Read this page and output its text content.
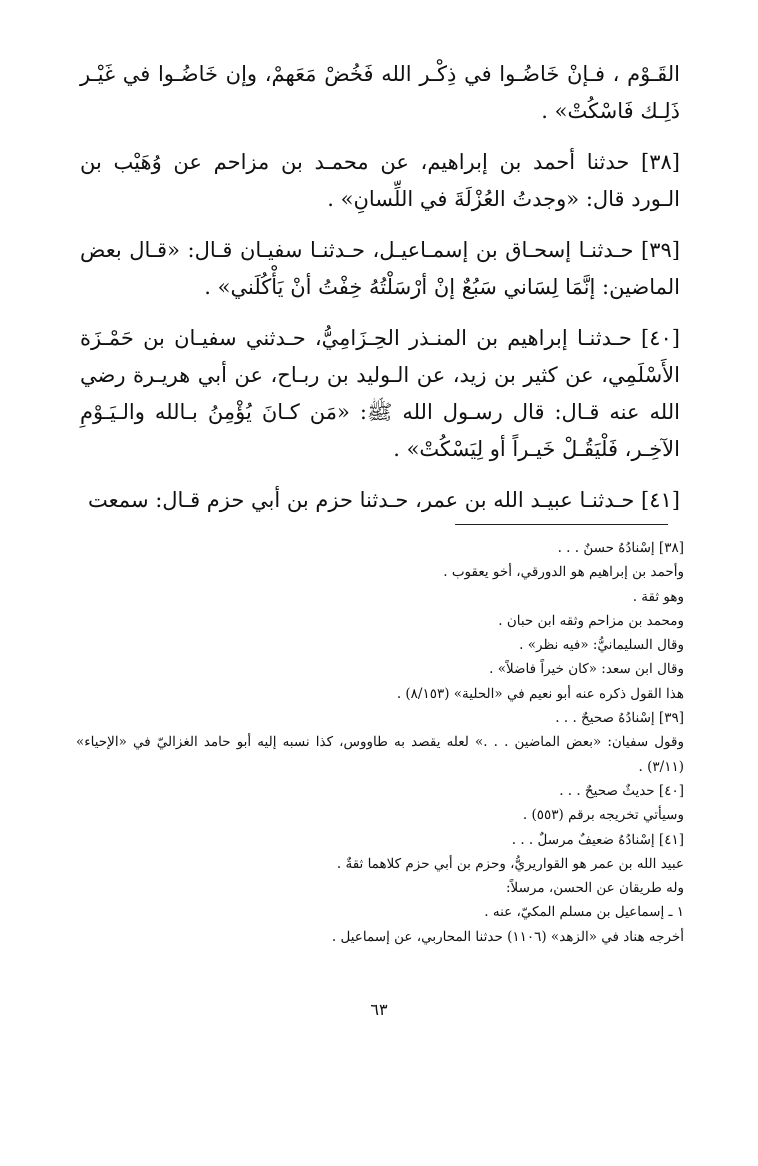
القَـوْم ، فـإنْ خَاضُـوا في ذِكْـر الله فَخُضْ مَعَهمْ، وإن خَاضُـوا في غَيْـر ذَلِـك فَاسْكُتْ» .

[٣٨] حدثنا أحمد بن إبراهيم، عن محمـد بن مزاحم عن وُهَيْب بن الـورد قال: «وجدتُ العُزْلَةَ في اللِّسانِ» .

[٣٩] حـدثنـا إسحـاق بن إسمـاعيـل، حـدثنـا سفيـان قـال: «قـال بعض الماضين: إنَّمَا لِسَاني سَبُعٌ إنْ أرْسَلْتُهُ خِفْتُ أنْ يَأْكُلَني» .

[٤٠] حـدثنـا إبراهيم بن المنـذر الحِـزَامِيُّ، حـدثني سفيـان بن حَمْـزَة الأَسْلَمِي، عن كثير بن زيد، عن الـوليد بن ربـاح، عن أبي هريـرة رضي الله عنه قـال: قال رسـول الله ﷺ: «مَن كـانَ يُؤْمِنُ بـالله والـيَـوْمِ الآخِـر، فَلْيَقُـلْ خَيـراً أو لِيَسْكُتْ» .

[٤١] حـدثنـا عبيـد الله بن عمر، حـدثنا حزم بن أبي حزم قـال: سمعت

[٣٨] إسْنادُهُ حسنٌ . . .
وأحمد بن إبراهيم هو الدورقي، أخو يعقوب .
وهو ثقة .
ومحمد بن مزاحم وثقه ابن حبان .
وقال السليمانيُّ: «فيه نظر» .
وقال ابن سعد: «كان خيراً فاضلاً» .
هذا القول ذكره عنه أبو نعيم في «الحلية» (٨/١٥٣) .
[٣٩] إسْنادُهُ صحيحٌ . . .
وقول سفيان: «بعض الماضين . . .» لعله يقصد به طاووس، كذا نسبه إليه أبو حامد الغزاليّ في «الإحياء» (٣/١١) .
[٤٠] حديثٌ صحيحٌ . . .
وسيأتي تخريجه برقم (٥٥٣) .
[٤١] إسْنادُهُ ضعيفٌ مرسلٌ . . .
عبيد الله بن عمر هو القواريريُّ، وحزم بن أبي حزم كلاهما ثقةٌ .
وله طريقان عن الحسن، مرسلاً:
١ ـ إسماعيل بن مسلم المكيّ، عنه .
أخرجه هناد في «الزهد» (١١٠٦) حدثنا المحاربي، عن إسماعيل .
٦٣
